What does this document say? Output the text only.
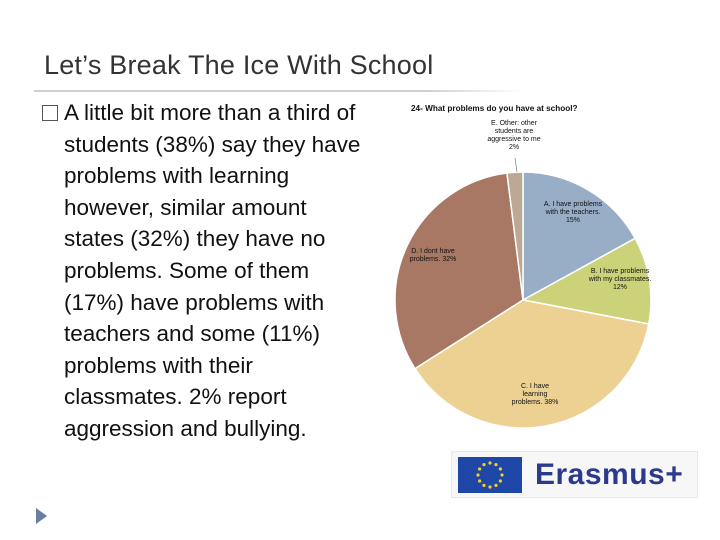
Let’s Break The Ice With School

A little bit more than a third of students (38%) say they have problems with learning however, similar amount states (32%) they have no problems. Some of them (17%) have problems with teachers and some (11%) problems with their classmates. 2% report aggression and bullying.

24- What problems do you have at school?
A. I have problems with the teachers. 15%
B. I have problems with my classmates. 12%
C. I have learning problems. 38%
D. I dont have problems. 32%
E. Other: other students are aggressive to me 2%
Erasmus+
